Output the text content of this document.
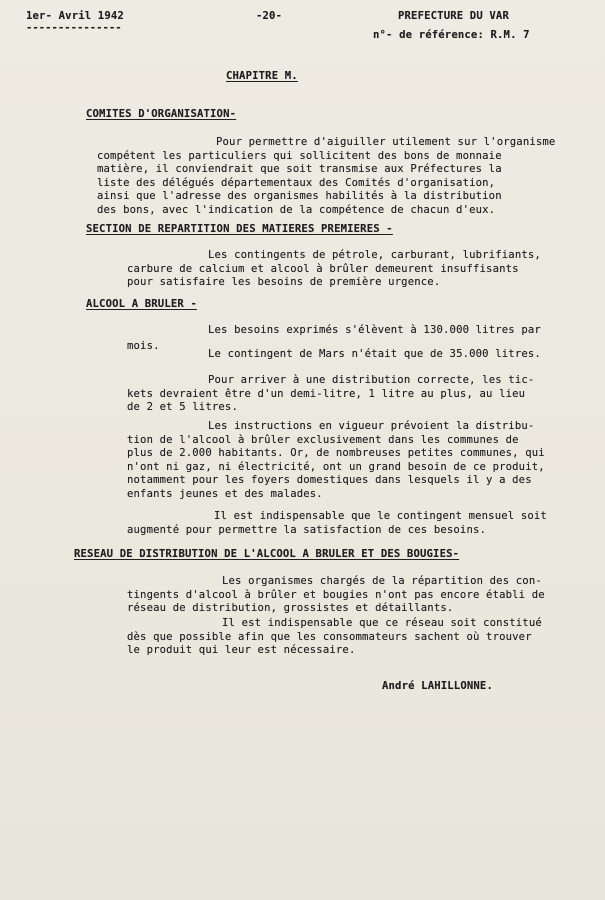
1er- Avril 1942
---------------
-20-	PREFECTURE DU VAR
n°- de référence: R.M. 7
CHAPITRE M.
COMITES D'ORGANISATION-
Pour permettre d'aiguiller utilement sur l'organisme
compétent les particuliers qui sollicitent des bons de monnaie
matière, il conviendrait que soit transmise aux Préfectures la
liste des délégués départementaux des Comités d'organisation,
ainsi que l'adresse des organismes habilités à la distribution
des bons, avec l'indication de la compétence de chacun d'eux.
SECTION DE REPARTITION DES MATIERES PREMIERES -
Les contingents de pétrole, carburant, lubrifiants,
carbure de calcium et alcool à brûler demeurent insuffisants
pour satisfaire les besoins de première urgence.
ALCOOL A BRULER -
Les besoins exprimés s'élèvent à 130.000 litres par
mois.
Le contingent de Mars n'était que de 35.000 litres.
Pour arriver à une distribution correcte, les tic-
kets devraient être d'un demi-litre, 1 litre au plus, au lieu
de 2 et 5 litres.
Les instructions en vigueur prévoient la distribu-
tion de l'alcool à brûler exclusivement dans les communes de
plus de 2.000 habitants. Or, de nombreuses petites communes, qui
n'ont ni gaz, ni électricité, ont un grand besoin de ce produit,
notamment pour les foyers domestiques dans lesquels il y a des
enfants jeunes et des malades.
Il est indispensable que le contingent mensuel soit
augmenté pour permettre la satisfaction de ces besoins.
RESEAU DE DISTRIBUTION DE L'ALCOOL A BRULER ET DES BOUGIES-
Les organismes chargés de la répartition des con-
tingents d'alcool à brûler et bougies n'ont pas encore établi de
réseau de distribution, grossistes et détaillants.
Il est indispensable que ce réseau soit constitué
dès que possible afin que les consommateurs sachent où trouver
le produit qui leur est nécessaire.
André LAHILLONNE.
